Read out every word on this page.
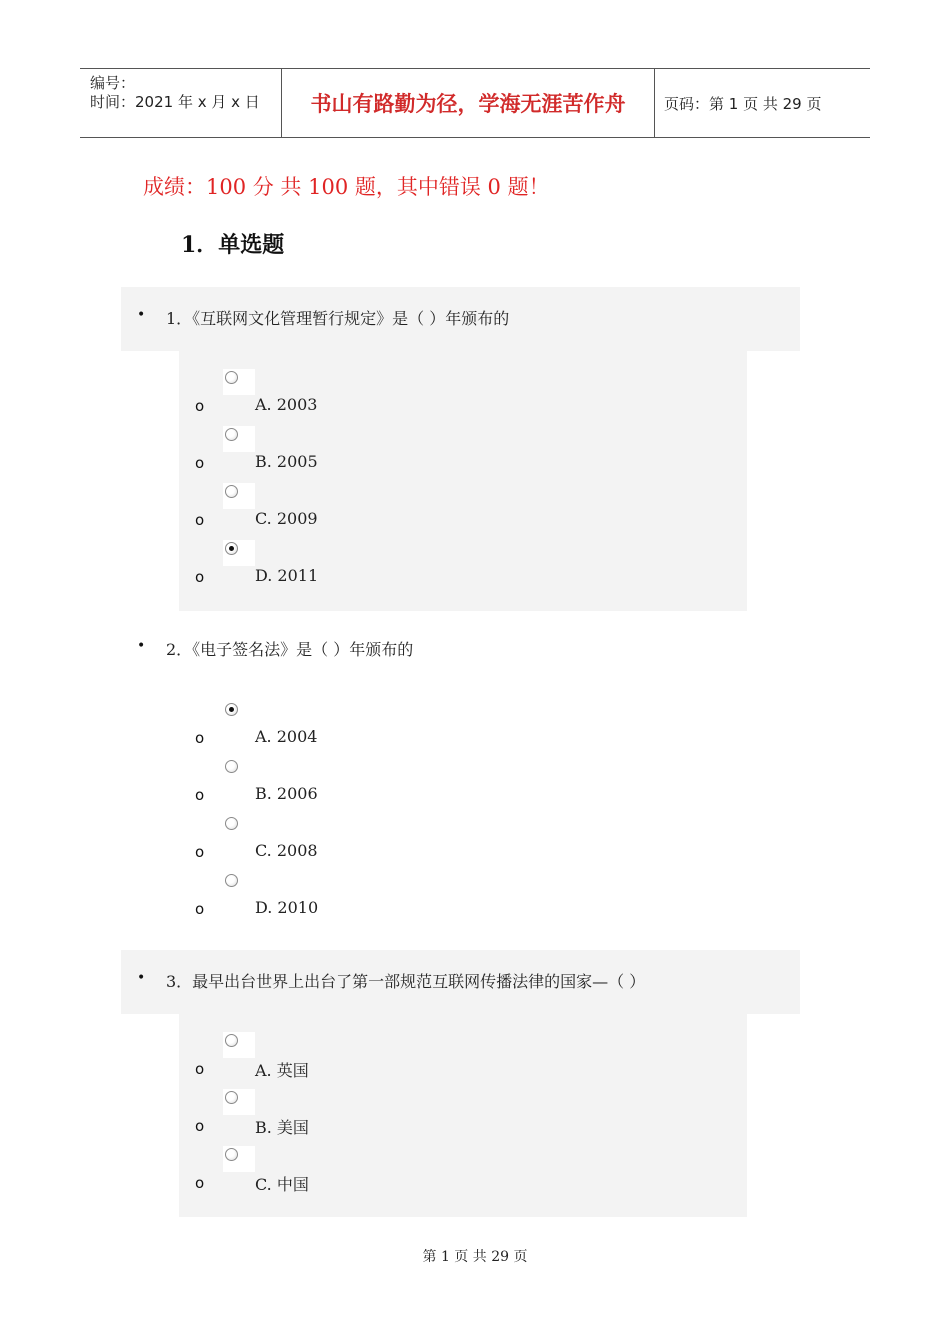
编号：
时间：2021 年 x 月 x 日	书山有路勤为径，学海无涯苦作舟	页码：第 1 页 共 29 页
成绩：100 分 共 100 题，其中错误 0 题！
1．单选题
• 1．《互联网文化管理暂行规定》是（ ）年颁布的
o	A. 2003
o	B. 2005
o	C. 2009
o	D. 2011
• 2．《电子签名法》是（ ）年颁布的
o	A. 2004
o	B. 2006
o	C. 2008
o	D. 2010
• 3．最早出台世界上出台了第一部规范互联网传播法律的国家—（ ）
o	A. 英国
o	B. 美国
o	C. 中国
第 1 页 共 29 页
